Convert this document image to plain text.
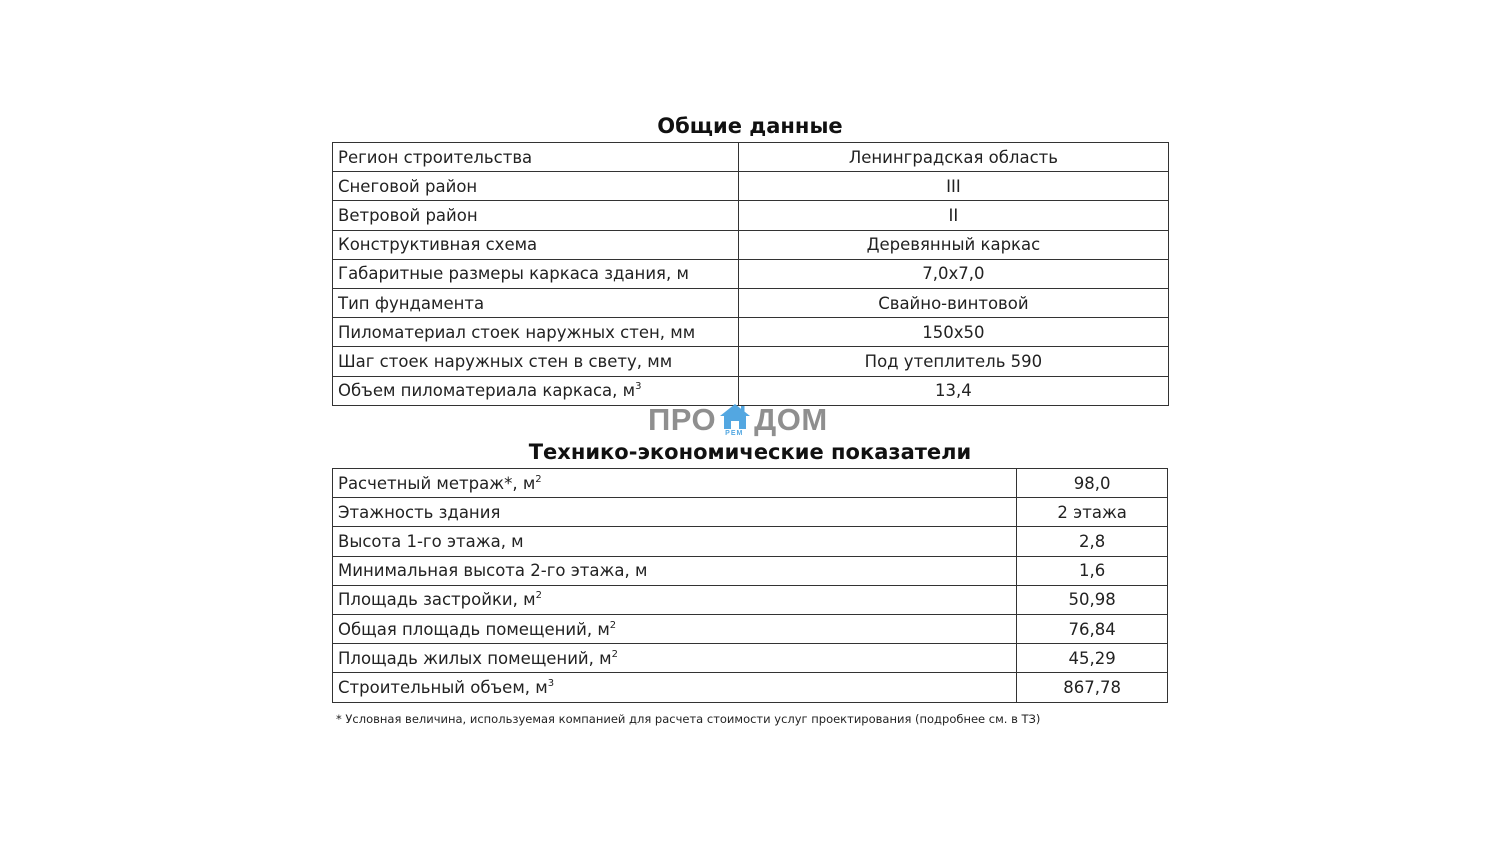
Общие данные
Регион строительства	Ленинградская область
Снеговой район	III
Ветровой район	II
Конструктивная схема	Деревянный каркас
Габаритные размеры каркаса здания, м	7,0х7,0
Тип фундамента	Свайно-винтовой
Пиломатериал стоек наружных стен, мм	150х50
Шаг стоек наружных стен в свету, мм	Под утеплитель 590
Объем пиломатериала каркаса, $м^3$	13,4
ПРО РЕМ ДОМ
Технико-экономические показатели
Расчетный метраж*, $м^2$	98,0
Этажность здания	2 этажа
Высота 1-го этажа, м	2,8
Минимальная высота 2-го этажа, м	1,6
Площадь застройки, $м^2$	50,98
Общая площадь помещений, $м^2$	76,84
Площадь жилых помещений, $м^2$	45,29
Строительный объем, $м^3$	867,78
* Условная величина, используемая компанией для расчета стоимости услуг проектирования (подробнее см. в ТЗ)
